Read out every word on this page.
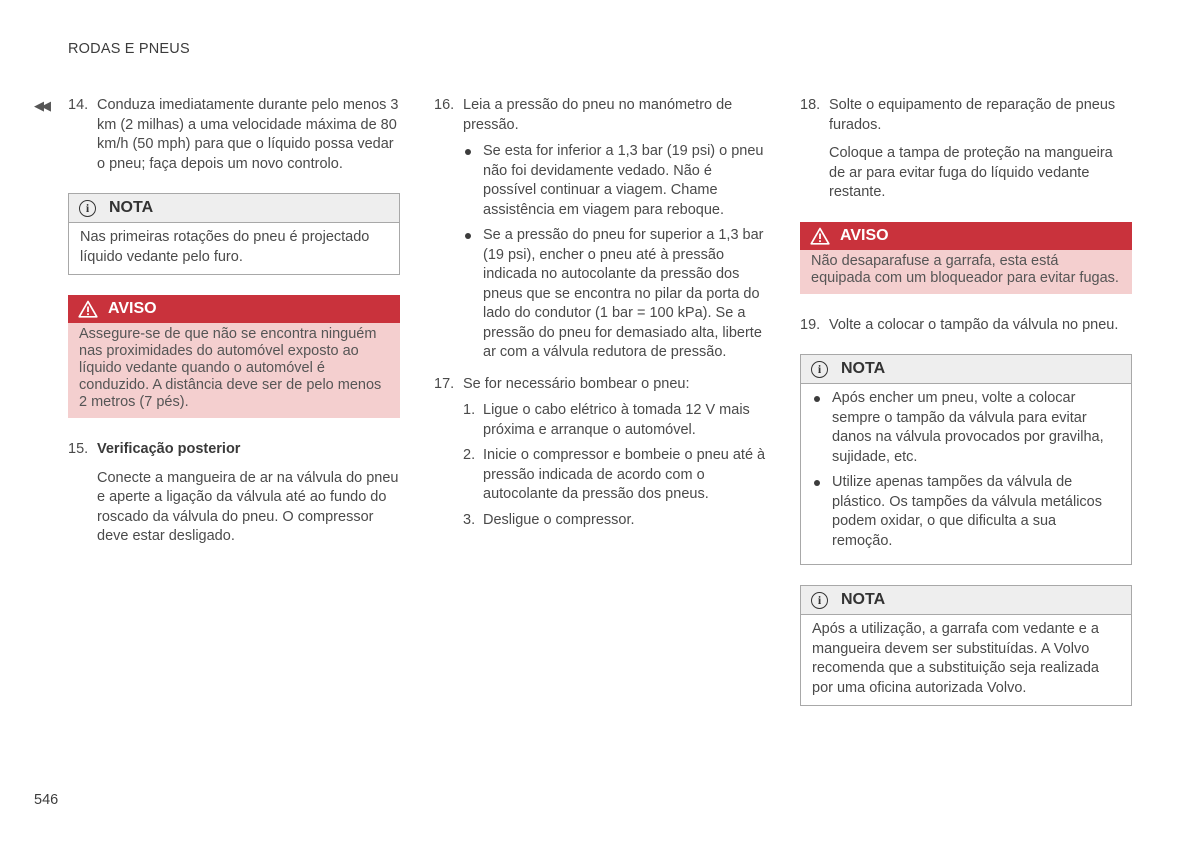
RODAS E PNEUS
◀◀ 14. Conduza imediatamente durante pelo menos 3 km (2 milhas) a uma velocidade máxima de 80 km/h (50 mph) para que o líquido possa vedar o pneu; faça depois um novo controlo.
i	NOTA
Nas primeiras rotações do pneu é projectado líquido vedante pelo furo.
AVISO
Assegure-se de que não se encontra ninguém nas proximidades do automóvel exposto ao líquido vedante quando o automóvel é conduzido. A distância deve ser de pelo menos 2 metros (7 pés).
15. Verificação posterior
Conecte a mangueira de ar na válvula do pneu e aperte a ligação da válvula até ao fundo do roscado da válvula do pneu. O compressor deve estar desligado.
16. Leia a pressão do pneu no manómetro de pressão.
Se esta for inferior a 1,3 bar (19 psi) o pneu não foi devidamente vedado. Não é possível continuar a viagem. Chame assistência em viagem para reboque.
Se a pressão do pneu for superior a 1,3 bar (19 psi), encher o pneu até à pressão indicada no autocolante da pressão dos pneus que se encontra no pilar da porta do lado do condutor (1 bar = 100 kPa). Se a pressão do pneu for demasiado alta, liberte ar com a válvula redutora de pressão.
17. Se for necessário bombear o pneu:
1. Ligue o cabo elétrico à tomada 12 V mais próxima e arranque o automóvel.
2. Inicie o compressor e bombeie o pneu até à pressão indicada de acordo com o autocolante da pressão dos pneus.
3. Desligue o compressor.
18. Solte o equipamento de reparação de pneus furados.
Coloque a tampa de proteção na mangueira de ar para evitar fuga do líquido vedante restante.
AVISO
Não desaparafuse a garrafa, esta está equipada com um bloqueador para evitar fugas.
19. Volte a colocar o tampão da válvula no pneu.
i	NOTA
Após encher um pneu, volte a colocar sempre o tampão da válvula para evitar danos na válvula provocados por gravilha, sujidade, etc.
Utilize apenas tampões da válvula de plástico. Os tampões da válvula metálicos podem oxidar, o que dificulta a sua remoção.
i	NOTA
Após a utilização, a garrafa com vedante e a mangueira devem ser substituídas. A Volvo recomenda que a substituição seja realizada por uma oficina autorizada Volvo.
546
